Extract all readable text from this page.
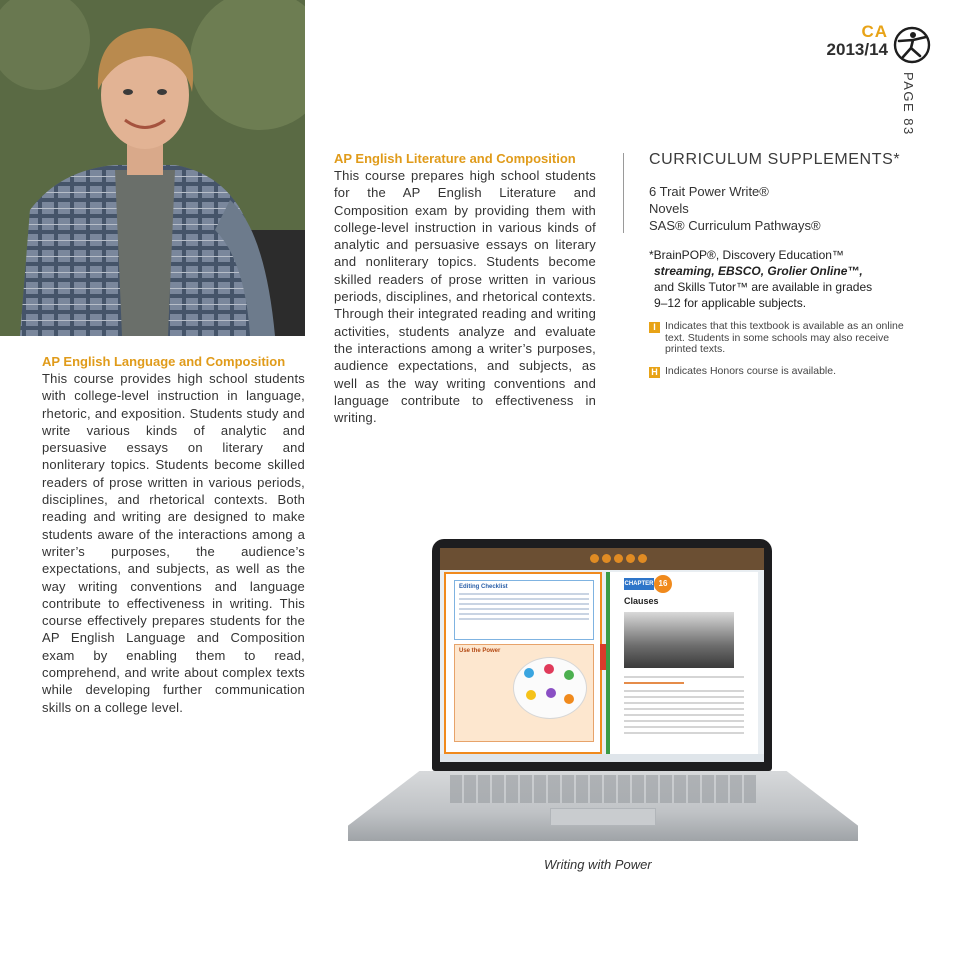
CA
2013/14
PAGE 83

AP English Language and Composition

This course provides high school students with college-level instruction in language, rhetoric, and exposition. Students study and write various kinds of analytic and persuasive essays on literary and nonliterary topics. Students become skilled readers of prose written in various periods, disciplines, and rhetorical contexts. Both reading and writing are designed to make students aware of the interactions among a writer’s purposes, the audience’s expectations, and subjects, as well as the way writing conventions and language contribute to effectiveness in writing. This course effectively prepares students for the AP English Language and Composition exam by enabling them to read, comprehend, and write about complex texts while developing further communication skills on a college level.

AP English Literature and Composition

This course prepares high school students for the AP English Literature and Composition exam by providing them with college-level instruction in various kinds of analytic and persuasive essays on literary and nonliterary topics. Students become skilled readers of prose written in various periods, disciplines, and rhetorical contexts. Through their integrated reading and writing activities, students analyze and evaluate the interactions among a writer’s purposes, audience expectations, and subjects, as well as the way writing conventions and language contribute to effectiveness in writing.

CURRICULUM SUPPLEMENTS*
6 Trait Power Write®
Novels
SAS® Curriculum Pathways®
*BrainPOP®, Discovery Education™
streaming, EBSCO, Grolier Online™,
and Skills Tutor™ are available in grades
9–12 for applicable subjects.
I Indicates that this textbook is available as an online text. Students in some schools may also receive printed texts.
H Indicates Honors course is available.
Editing Checklist
Use the Power
CHAPTER 16
Clauses
Writing with Power
